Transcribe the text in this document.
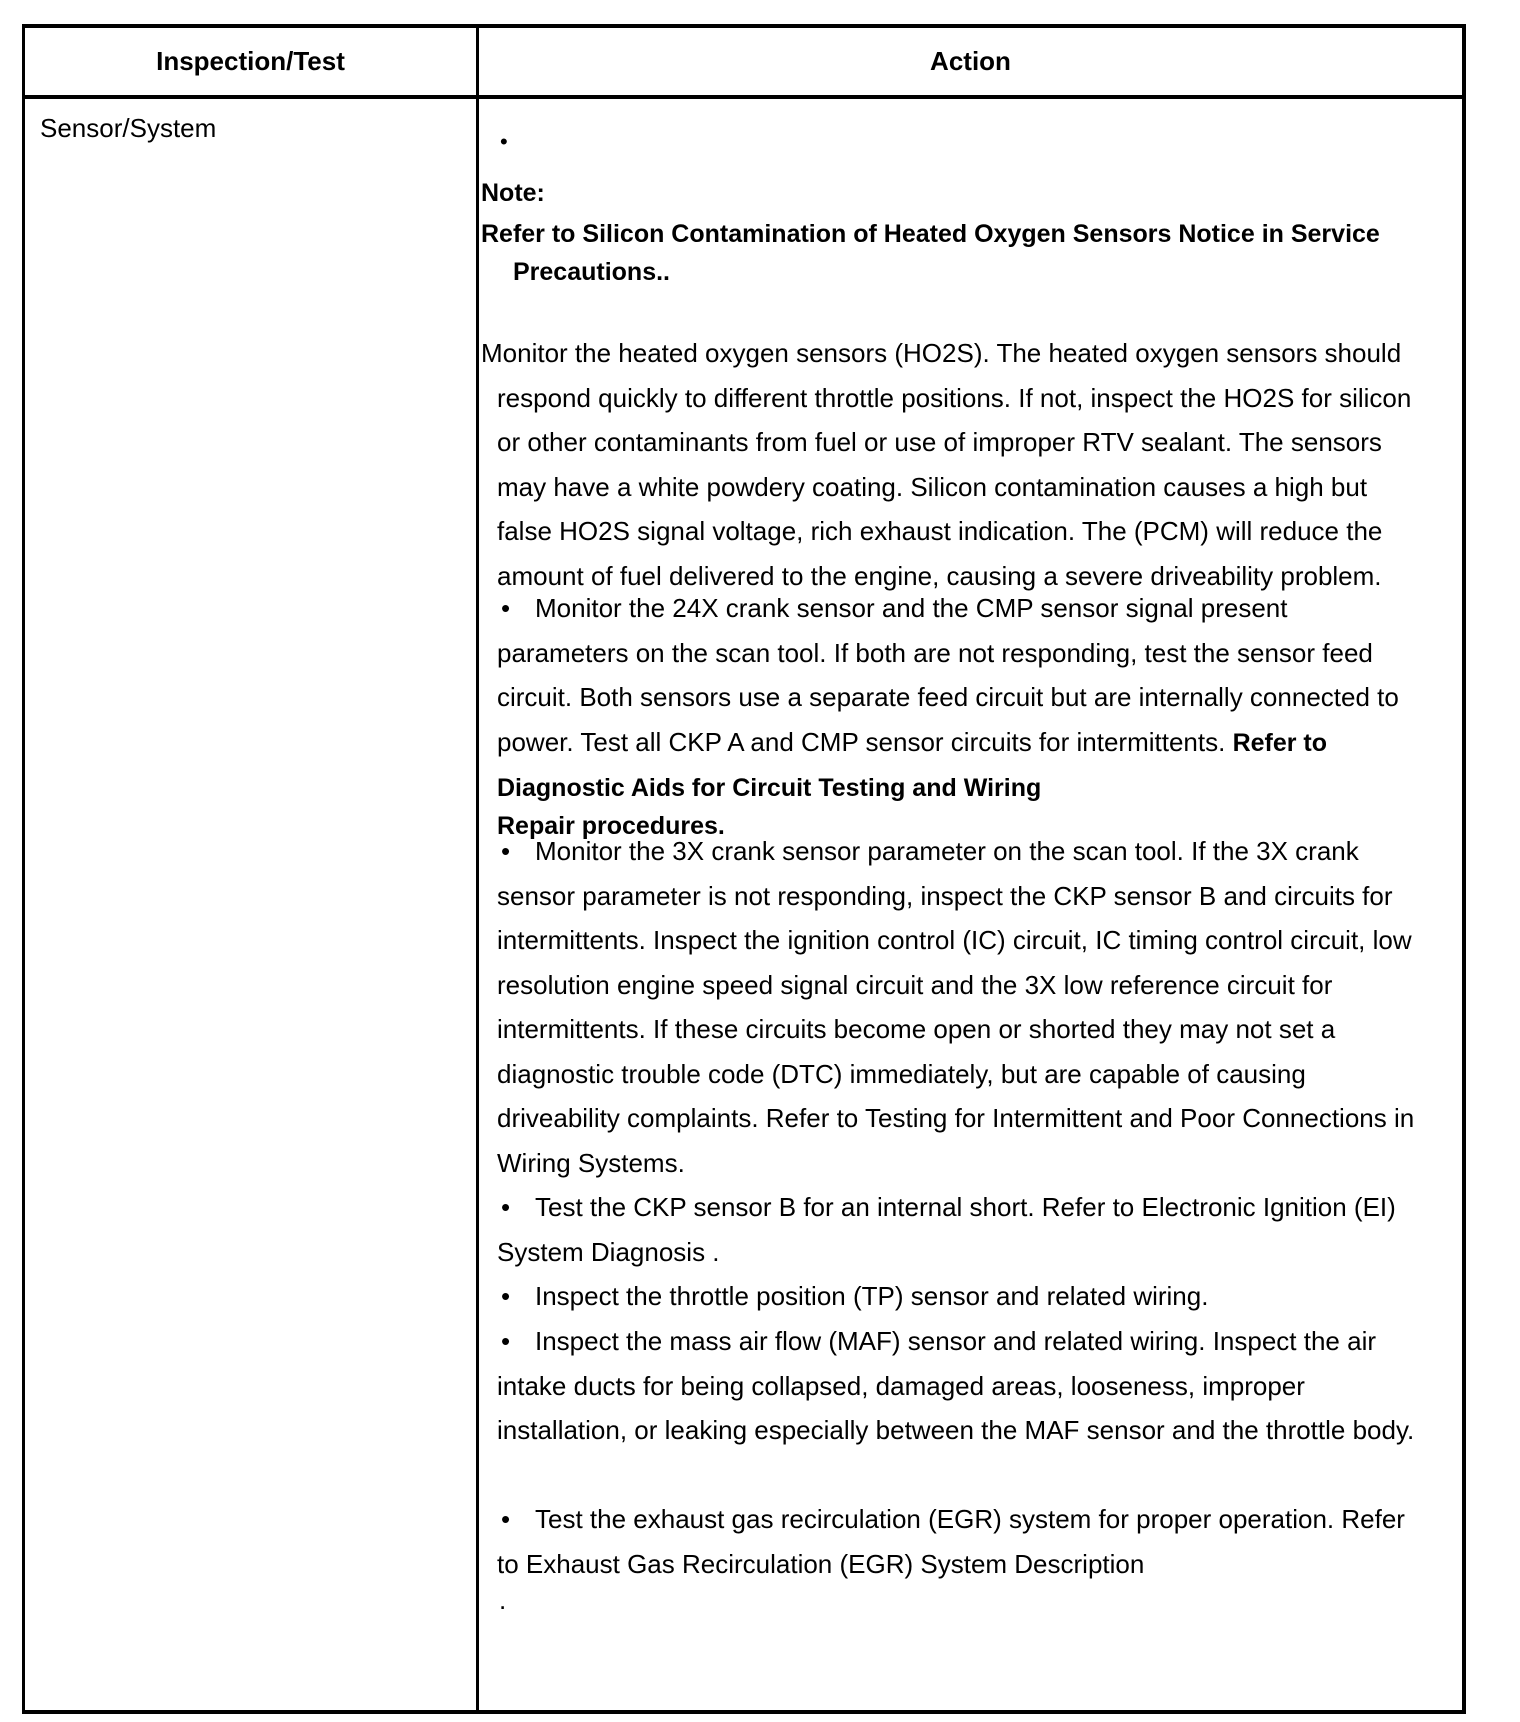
Inspection/Test	Action
Sensor/System	•
Note:
Refer to Silicon Contamination of Heated Oxygen Sensors Notice in Service Precautions..
Monitor the heated oxygen sensors (HO2S). The heated oxygen sensors should respond quickly to different throttle positions. If not, inspect the HO2S for silicon or other contaminants from fuel or use of improper RTV sealant. The sensors may have a white powdery coating. Silicon contamination causes a high but false HO2S signal voltage, rich exhaust indication. The (PCM) will reduce the amount of fuel delivered to the engine, causing a severe driveability problem.
• Monitor the 24X crank sensor and the CMP sensor signal present parameters on the scan tool. If both are not responding, test the sensor feed circuit. Both sensors use a separate feed circuit but are internally connected to power. Test all CKP A and CMP sensor circuits for intermittents. Refer to Diagnostic Aids for Circuit Testing and Wiring
Repair procedures.
• Monitor the 3X crank sensor parameter on the scan tool. If the 3X crank sensor parameter is not responding, inspect the CKP sensor B and circuits for intermittents. Inspect the ignition control (IC) circuit, IC timing control circuit, low resolution engine speed signal circuit and the 3X low reference circuit for intermittents. If these circuits become open or shorted they may not set a diagnostic trouble code (DTC) immediately, but are capable of causing driveability complaints. Refer to Testing for Intermittent and Poor Connections in Wiring Systems.
• Test the CKP sensor B for an internal short. Refer to Electronic Ignition (EI) System Diagnosis .
• Inspect the throttle position (TP) sensor and related wiring.
• Inspect the mass air flow (MAF) sensor and related wiring. Inspect the air intake ducts for being collapsed, damaged areas, looseness, improper installation, or leaking especially between the MAF sensor and the throttle body.
• Test the exhaust gas recirculation (EGR) system for proper operation. Refer to Exhaust Gas Recirculation (EGR) System Description
.
